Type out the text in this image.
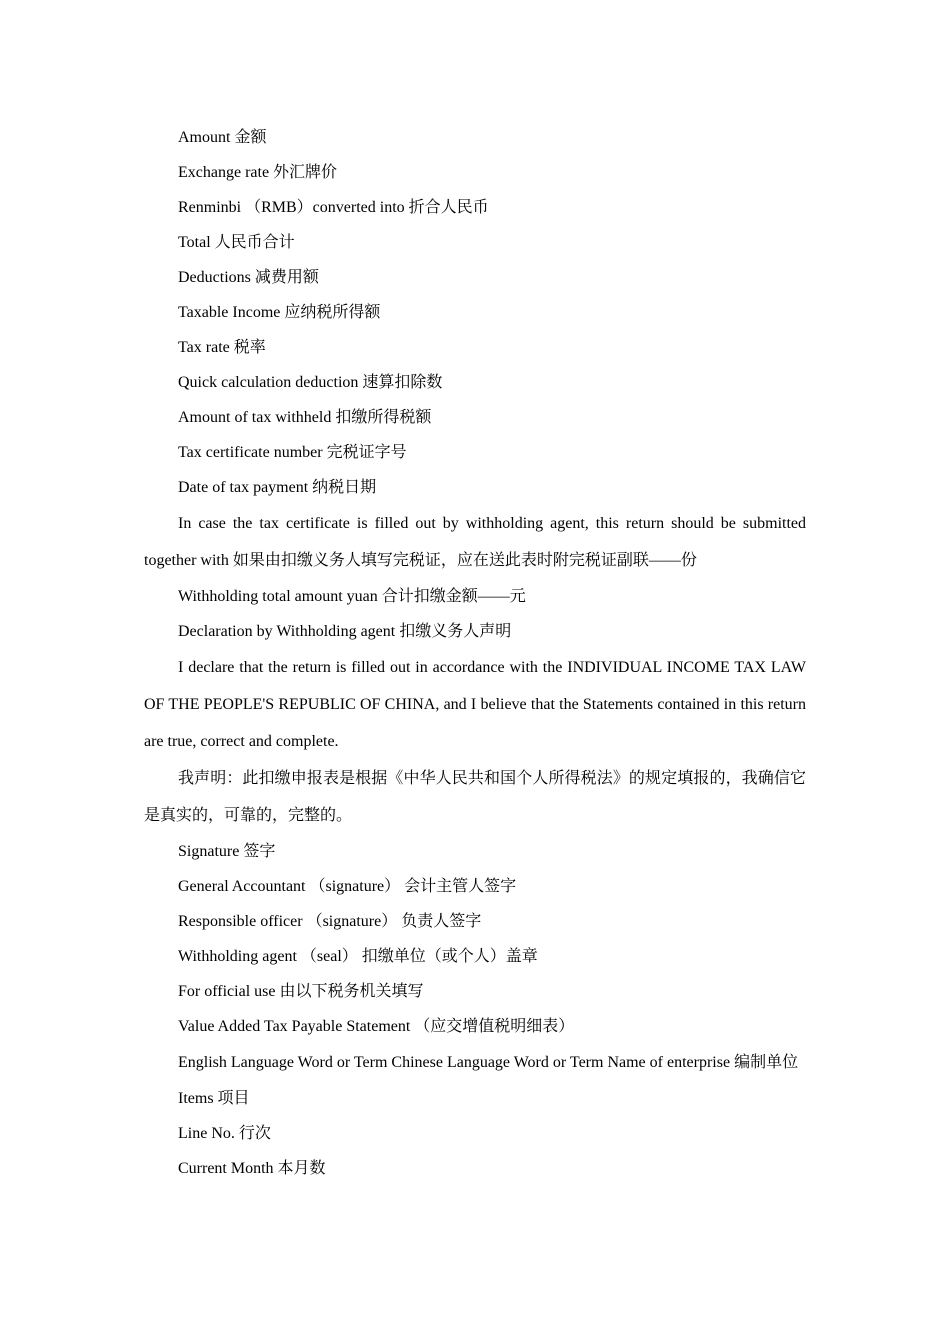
Amount 金额
Exchange rate 外汇牌价
Renminbi （RMB）converted into 折合人民币
Total 人民币合计
Deductions 减费用额
Taxable Income 应纳税所得额
Tax rate 税率
Quick calculation deduction 速算扣除数
Amount of tax withheld 扣缴所得税额
Tax certificate number 完税证字号
Date of tax payment 纳税日期
In case the tax certificate is filled out by withholding agent, this return should be submitted together with 如果由扣缴义务人填写完税证，应在送此表时附完税证副联——份
Withholding total amount yuan 合计扣缴金额——元
Declaration by Withholding agent 扣缴义务人声明
I declare that the return is filled out in accordance with the INDIVIDUAL INCOME TAX LAW OF THE PEOPLE'S REPUBLIC OF CHINA, and I believe that the Statements contained in this return are true, correct and complete.
我声明：此扣缴申报表是根据《中华人民共和国个人所得税法》的规定填报的，我确信它是真实的，可靠的，完整的。
Signature 签字
General Accountant （signature） 会计主管人签字
Responsible officer （signature） 负责人签字
Withholding agent （seal） 扣缴单位（或个人）盖章
For official use 由以下税务机关填写
Value Added Tax Payable Statement （应交增值税明细表）
English Language Word or Term Chinese Language Word or Term Name of enterprise 编制单位
Items 项目
Line No. 行次
Current Month 本月数
